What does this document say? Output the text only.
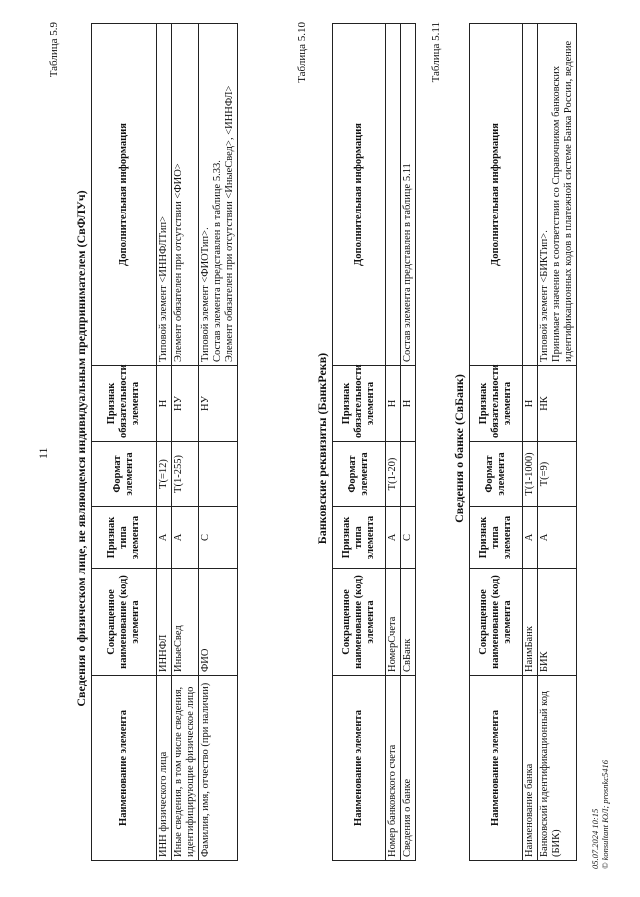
11
Таблица 5.9
Сведения о физическом лице, не являющемся индивидуальным предпринимателем (СвФЛУч)
Наименование элемента	Сокращенное наименование (код) элемента	Признак типа элемента	Формат элемента	Признак обязательности элемента	Дополнительная информация
ИНН физического лица	ИННФЛ	А	T(=12)	Н	Типовой элемент <ИННФЛТип>
Иные сведения, в том числе сведения, идентифицирующие физическое лицо	ИныеСвед	А	T(1-255)	НУ	Элемент обязателен при отсутствии <ФИО>
Фамилия, имя, отчество (при наличии)	ФИО	С		НУ	Типовой элемент <ФИОТип>.
Состав элемента представлен в таблице 5.33.
Элемент обязателен при отсутствии <ИныеСвед>, <ИННФЛ>
Таблица 5.10
Банковские реквизиты (БанкРекв)
Наименование элемента	Сокращенное наименование (код) элемента	Признак типа элемента	Формат элемента	Признак обязательности элемента	Дополнительная информация
Номер банковского счета	НомерСчета	А	T(1-20)	Н	
Сведения о банке	СвБанк	С		Н	Состав элемента представлен в таблице 5.11
Таблица 5.11
Сведения о банке (СвБанк)
Наименование элемента	Сокращенное наименование (код) элемента	Признак типа элемента	Формат элемента	Признак обязательности элемента	Дополнительная информация
Наименование банка	НаимБанк	А	T(1-1000)	Н	
Банковский идентификационный код (БИК)	БИК	А	T(=9)	НК	Типовой элемент <БИКТип>.
Принимает значение в соответствии со Справочником банковских идентификационных кодов в платежной системе Банка России, ведение
05.07.2024 10:15 © konsultant ЮЛ; prosnkc5416
